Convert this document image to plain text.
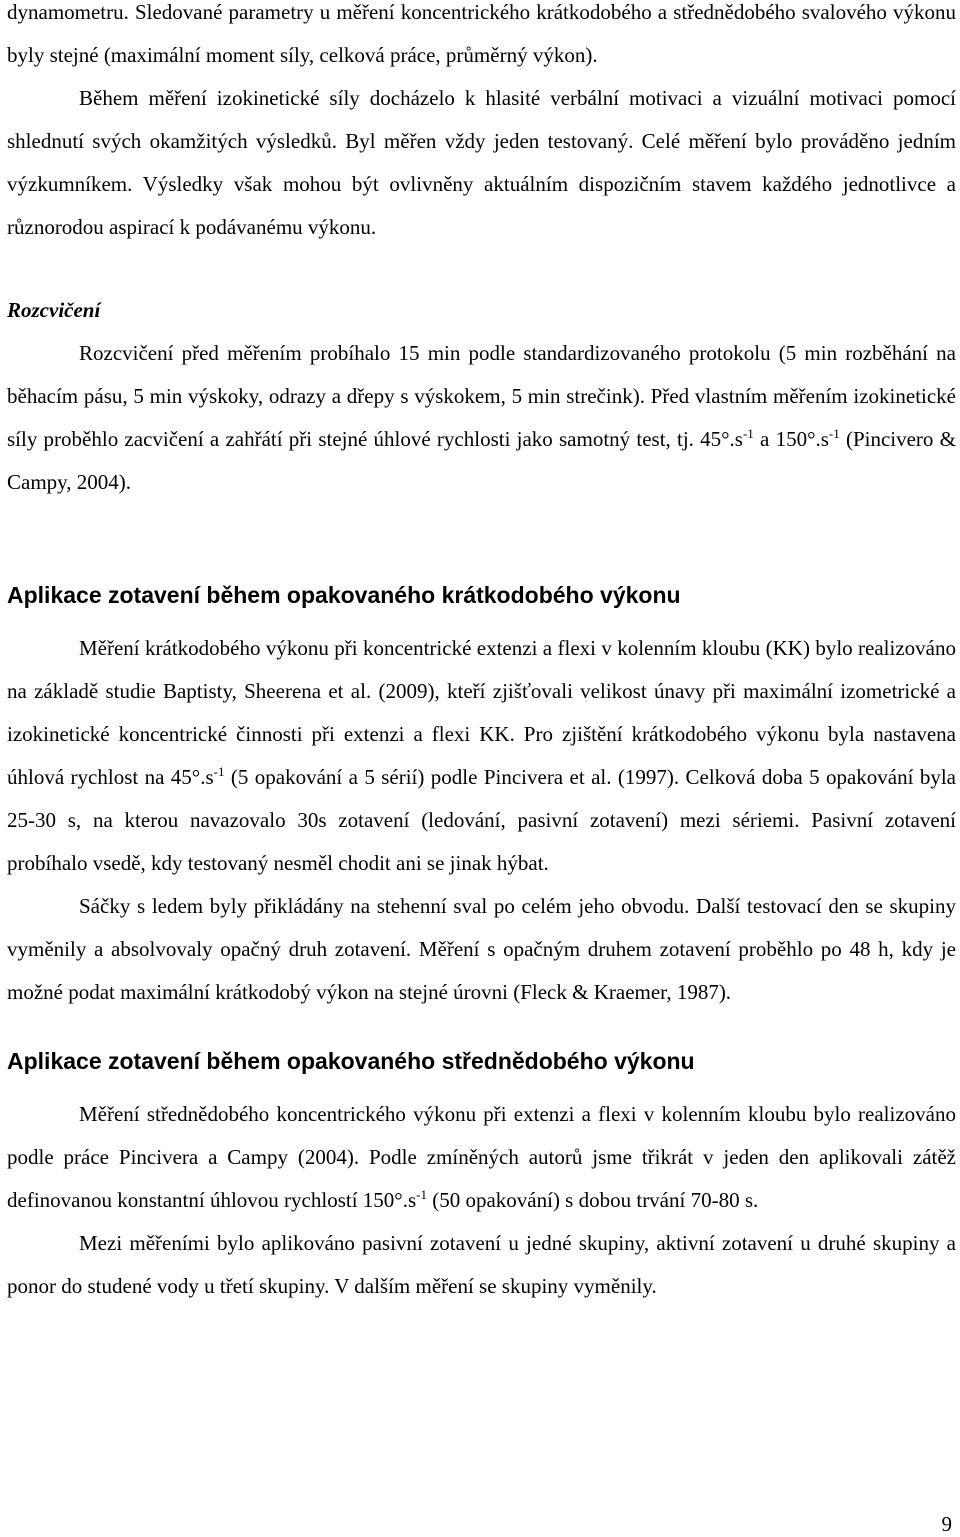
dynamometru. Sledované parametry u měření koncentrického krátkodobého a střednědobého svalového výkonu byly stejné (maximální moment síly, celková práce, průměrný výkon).

Během měření izokinetické síly docházelo k hlasité verbální motivaci a vizuální motivaci pomocí shlednutí svých okamžitých výsledků. Byl měřen vždy jeden testovaný. Celé měření bylo prováděno jedním výzkumníkem. Výsledky však mohou být ovlivněny aktuálním dispozičním stavem každého jednotlivce a různorodou aspirací k podávanému výkonu.

Rozcvičení

Rozcvičení před měřením probíhalo 15 min podle standardizovaného protokolu (5 min rozběhání na běhacím pásu, 5 min výskoky, odrazy a dřepy s výskokem, 5 min strečink). Před vlastním měřením izokinetické síly proběhlo zacvičení a zahřátí při stejné úhlové rychlosti jako samotný test, tj. $45^\circ.s^{-1}$ a $150^\circ.s^{-1}$ (Pincivero & Campy, 2004).

Aplikace zotavení během opakovaného krátkodobého výkonu

Měření krátkodobého výkonu při koncentrické extenzi a flexi v kolenním kloubu (KK) bylo realizováno na základě studie Baptisty, Sheerena et al. (2009), kteří zjišťovali velikost únavy při maximální izometrické a izokinetické koncentrické činnosti při extenzi a flexi KK. Pro zjištění krátkodobého výkonu byla nastavena úhlová rychlost na $45^\circ.s^{-1}$ (5 opakování a 5 sérií) podle Pincivera et al. (1997). Celková doba 5 opakování byla 25-30 s, na kterou navazovalo 30s zotavení (ledování, pasivní zotavení) mezi sériemi. Pasivní zotavení probíhalo vsedě, kdy testovaný nesměl chodit ani se jinak hýbat.

Sáčky s ledem byly přikládány na stehenní sval po celém jeho obvodu. Další testovací den se skupiny vyměnily a absolvovaly opačný druh zotavení. Měření s opačným druhem zotavení proběhlo po 48 h, kdy je možné podat maximální krátkodobý výkon na stejné úrovni (Fleck & Kraemer, 1987).

Aplikace zotavení během opakovaného střednědobého výkonu

Měření střednědobého koncentrického výkonu při extenzi a flexi v kolenním kloubu bylo realizováno podle práce Pincivera a Campy (2004). Podle zmíněných autorů jsme třikrát v jeden den aplikovali zátěž definovanou konstantní úhlovou rychlostí $150^\circ.s^{-1}$ (50 opakování) s dobou trvání 70-80 s.

Mezi měřeními bylo aplikováno pasivní zotavení u jedné skupiny, aktivní zotavení u druhé skupiny a ponor do studené vody u třetí skupiny. V dalším měření se skupiny vyměnily.

9
